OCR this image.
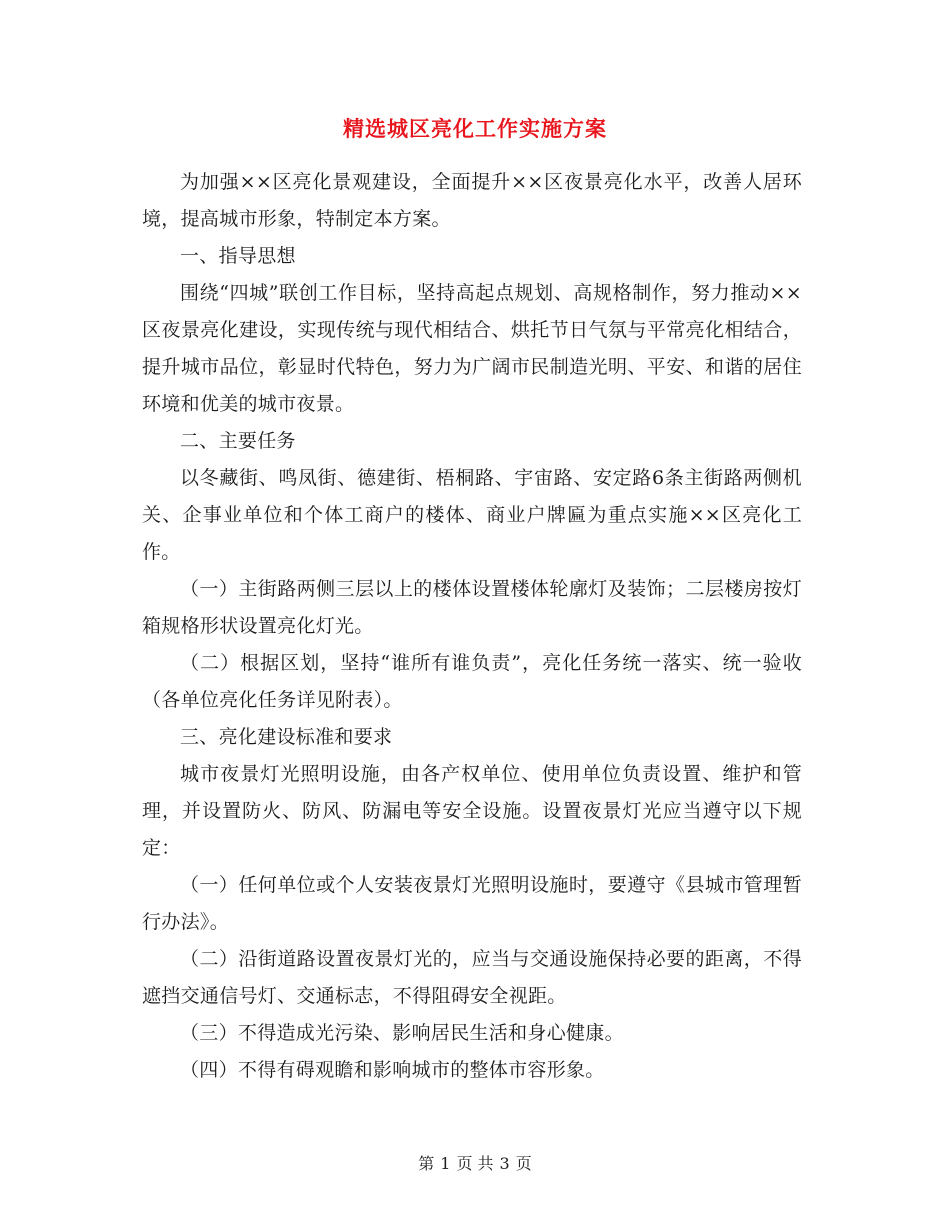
精选城区亮化工作实施方案

为加强××区亮化景观建设，全面提升××区夜景亮化水平，改善人居环境，提高城市形象，特制定本方案。

一、指导思想

围绕“四城”联创工作目标，坚持高起点规划、高规格制作，努力推动××区夜景亮化建设，实现传统与现代相结合、烘托节日气氛与平常亮化相结合，提升城市品位，彰显时代特色，努力为广阔市民制造光明、平安、和谐的居住环境和优美的城市夜景。

二、主要任务

以冬藏街、鸣凤街、德建街、梧桐路、宇宙路、安定路6条主街路两侧机关、企事业单位和个体工商户的楼体、商业户牌匾为重点实施××区亮化工作。

（一）主街路两侧三层以上的楼体设置楼体轮廓灯及装饰；二层楼房按灯箱规格形状设置亮化灯光。

（二）根据区划，坚持“谁所有谁负责”，亮化任务统一落实、统一验收（各单位亮化任务详见附表）。

三、亮化建设标准和要求

城市夜景灯光照明设施，由各产权单位、使用单位负责设置、维护和管理，并设置防火、防风、防漏电等安全设施。设置夜景灯光应当遵守以下规定：

（一）任何单位或个人安装夜景灯光照明设施时，要遵守《县城市管理暂行办法》。

（二）沿街道路设置夜景灯光的，应当与交通设施保持必要的距离，不得遮挡交通信号灯、交通标志，不得阻碍安全视距。

（三）不得造成光污染、影响居民生活和身心健康。

（四）不得有碍观瞻和影响城市的整体市容形象。

第 1 页 共 3 页
